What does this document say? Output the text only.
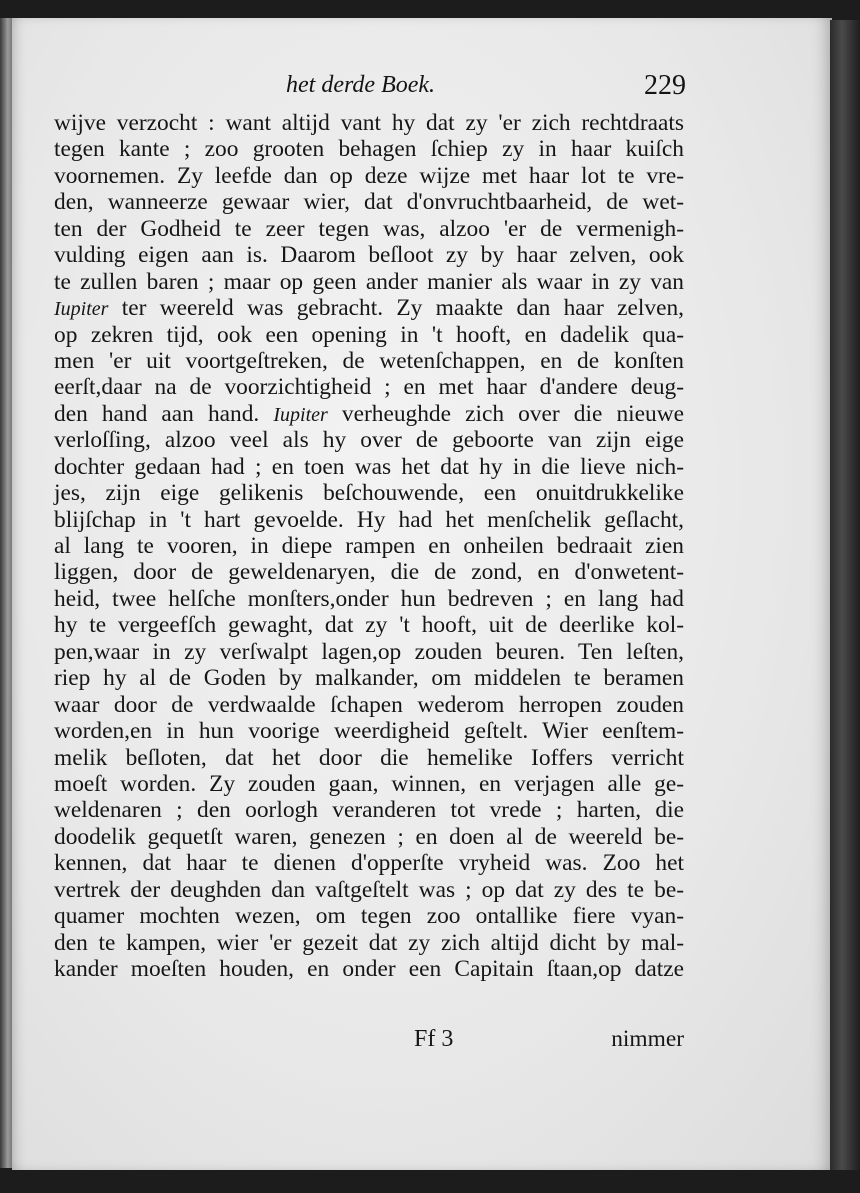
het derde Boek.	229
wijve verzocht : want altijd vant hy dat zy 'er zich rechtdraats
tegen kante ; zoo grooten behagen ſchiep zy in haar kuiſch
voornemen. Zy leefde dan op deze wijze met haar lot te vre-
den, wanneerze gewaar wier, dat d'onvruchtbaarheid, de wet-
ten der Godheid te zeer tegen was, alzoo 'er de vermenigh-
vulding eigen aan is. Daarom beſloot zy by haar zelven, ook
te zullen baren ; maar op geen ander manier als waar in zy van
Iupiter ter weereld was gebracht. Zy maakte dan haar zelven,
op zekren tijd, ook een opening in 't hooft, en dadelik qua-
men 'er uit voortgeſtreken, de wetenſchappen, en de konſten
eerſt,daar na de voorzichtigheid ; en met haar d'andere deug-
den hand aan hand. Iupiter verheughde zich over die nieuwe
verloſſing, alzoo veel als hy over de geboorte van zijn eige
dochter gedaan had ; en toen was het dat hy in die lieve nich-
jes, zijn eige gelikenis beſchouwende, een onuitdrukkelike
blijſchap in 't hart gevoelde. Hy had het menſchelik geſlacht,
al lang te vooren, in diepe rampen en onheilen bedraait zien
liggen, door de geweldenaryen, die de zond, en d'onwetent-
heid, twee helſche monſters,onder hun bedreven ; en lang had
hy te vergeefſch gewaght, dat zy 't hooft, uit de deerlike kol-
pen,waar in zy verſwalpt lagen,op zouden beuren. Ten leſten,
riep hy al de Goden by malkander, om middelen te beramen
waar door de verdwaalde ſchapen wederom herropen zouden
worden,en in hun voorige weerdigheid geſtelt. Wier eenſtem-
melik beſloten, dat het door die hemelike Ioffers verricht
moeſt worden. Zy zouden gaan, winnen, en verjagen alle ge-
weldenaren ; den oorlogh veranderen tot vrede ; harten, die
doodelik gequetſt waren, genezen ; en doen al de weereld be-
kennen, dat haar te dienen d'opperſte vryheid was. Zoo het
vertrek der deughden dan vaſtgeſtelt was ; op dat zy des te be-
quamer mochten wezen, om tegen zoo ontallike fiere vyan-
den te kampen, wier 'er gezeit dat zy zich altijd dicht by mal-
kander moeſten houden, en onder een Capitain ſtaan,op datze
Ff 3	nimmer
